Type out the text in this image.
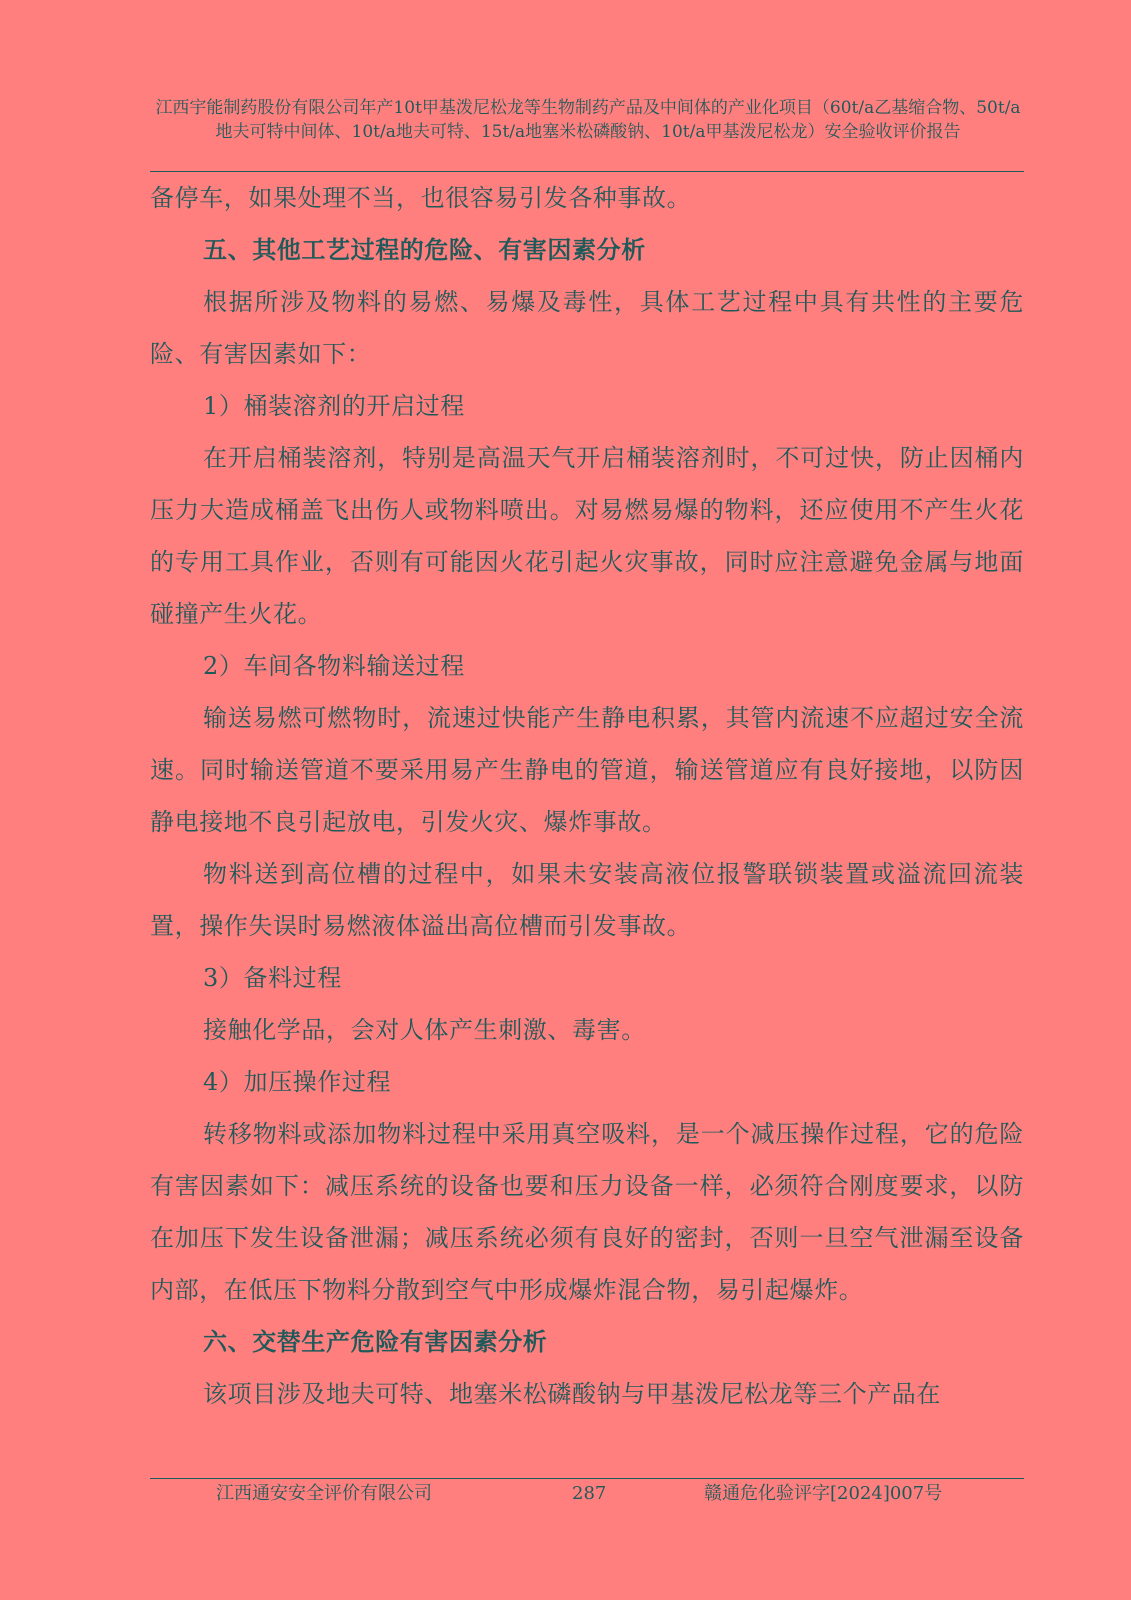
江西宇能制药股份有限公司年产10t甲基泼尼松龙等生物制药产品及中间体的产业化项目（60t/a乙基缩合物、50t/a地夫可特中间体、10t/a地夫可特、15t/a地塞米松磷酸钠、10t/a甲基泼尼松龙）安全验收评价报告

备停车，如果处理不当，也很容易引发各种事故。

五、其他工艺过程的危险、有害因素分析

根据所涉及物料的易燃、易爆及毒性，具体工艺过程中具有共性的主要危险、有害因素如下：

1）桶装溶剂的开启过程

在开启桶装溶剂，特别是高温天气开启桶装溶剂时，不可过快，防止因桶内压力大造成桶盖飞出伤人或物料喷出。对易燃易爆的物料，还应使用不产生火花的专用工具作业，否则有可能因火花引起火灾事故，同时应注意避免金属与地面碰撞产生火花。

2）车间各物料输送过程

输送易燃可燃物时，流速过快能产生静电积累，其管内流速不应超过安全流速。同时输送管道不要采用易产生静电的管道，输送管道应有良好接地，以防因静电接地不良引起放电，引发火灾、爆炸事故。

物料送到高位槽的过程中，如果未安装高液位报警联锁装置或溢流回流装置，操作失误时易燃液体溢出高位槽而引发事故。

3）备料过程

接触化学品，会对人体产生刺激、毒害。

4）加压操作过程

转移物料或添加物料过程中采用真空吸料，是一个减压操作过程，它的危险有害因素如下：减压系统的设备也要和压力设备一样，必须符合刚度要求，以防在加压下发生设备泄漏；减压系统必须有良好的密封，否则一旦空气泄漏至设备内部，在低压下物料分散到空气中形成爆炸混合物，易引起爆炸。

六、交替生产危险有害因素分析

该项目涉及地夫可特、地塞米松磷酸钠与甲基泼尼松龙等三个产品在

江西通安安全评价有限公司	287	赣通危化验评字[2024]007号
